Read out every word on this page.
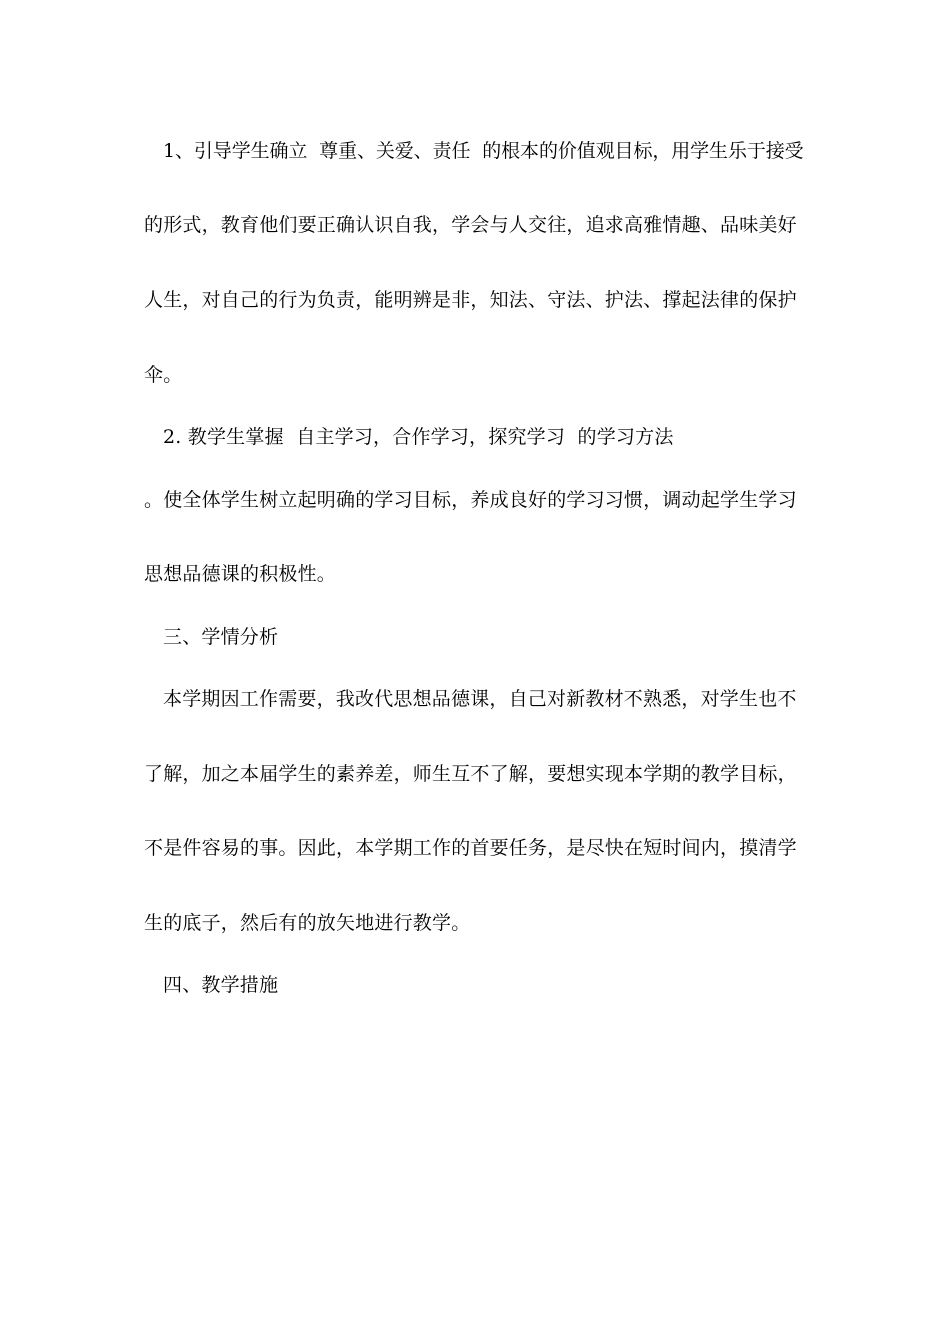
1、引导学生确立  尊重、关爱、责任  的根本的价值观目标，用学生乐于接受
的形式，教育他们要正确认识自我，学会与人交往，追求高雅情趣、品味美好
人生，对自己的行为负责，能明辨是非，知法、守法、护法、撑起法律的保护
伞。
2. 教学生掌握  自主学习，合作学习，探究学习  的学习方法
。使全体学生树立起明确的学习目标，养成良好的学习习惯，调动起学生学习
思想品德课的积极性。
三、学情分析
本学期因工作需要，我改代思想品德课，自己对新教材不熟悉，对学生也不
了解，加之本届学生的素养差，师生互不了解，要想实现本学期的教学目标，
不是件容易的事。因此，本学期工作的首要任务，是尽快在短时间内，摸清学
生的底子，然后有的放矢地进行教学。
四、教学措施
